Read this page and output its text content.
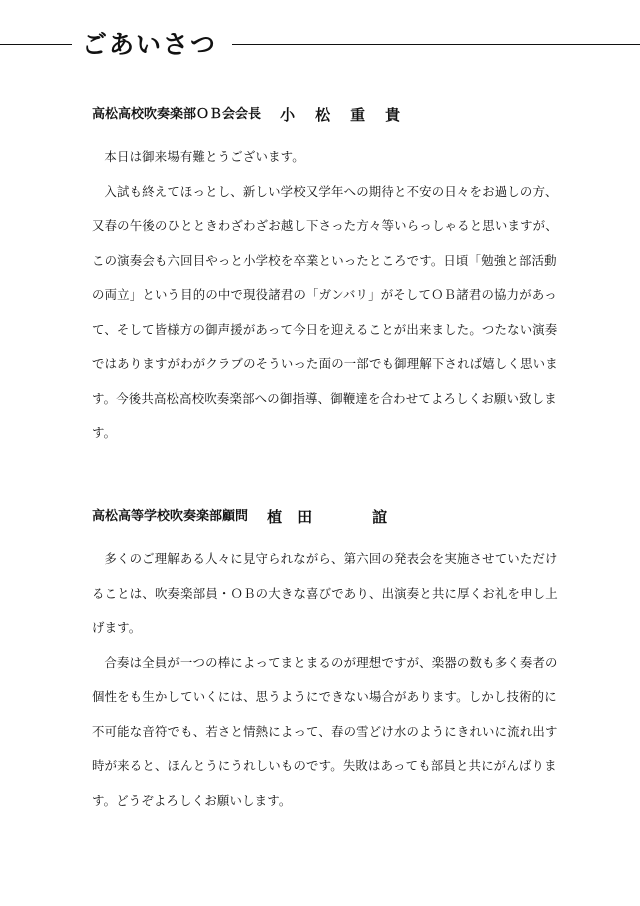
ごあいさつ
高松高校吹奏楽部ＯＢ会会長 小松重貴
本日は御来場有難とうございます。
入試も終えてほっとし、新しい学校又学年への期待と不安の日々をお過しの方、又春の午後のひとときわざわざお越し下さった方々等いらっしゃると思いますが、この演奏会も六回目やっと小学校を卒業といったところです。日頃「勉強と部活動の両立」という目的の中で現役諸君の「ガンバリ」がそしてＯＢ諸君の協力があって、そして皆様方の御声援があって今日を迎えることが出来ました。つたない演奏ではありますがわがクラブのそういった面の一部でも御理解下されば嬉しく思います。今後共高松高校吹奏楽部への御指導、御鞭達を合わせてよろしくお願い致します。
高松高等学校吹奏楽部顧問 植　田　　　　誼
多くのご理解ある人々に見守られながら、第六回の発表会を実施させていただけることは、吹奏楽部員・ＯＢの大きな喜びであり、出演奏と共に厚くお礼を申し上げます。
合奏は全員が一つの棒によってまとまるのが理想ですが、楽器の数も多く奏者の個性をも生かしていくには、思うようにできない場合があります。しかし技術的に不可能な音符でも、若さと情熱によって、春の雪どけ水のようにきれいに流れ出す時が来ると、ほんとうにうれしいものです。失敗はあっても部員と共にがんばります。どうぞよろしくお願いします。
